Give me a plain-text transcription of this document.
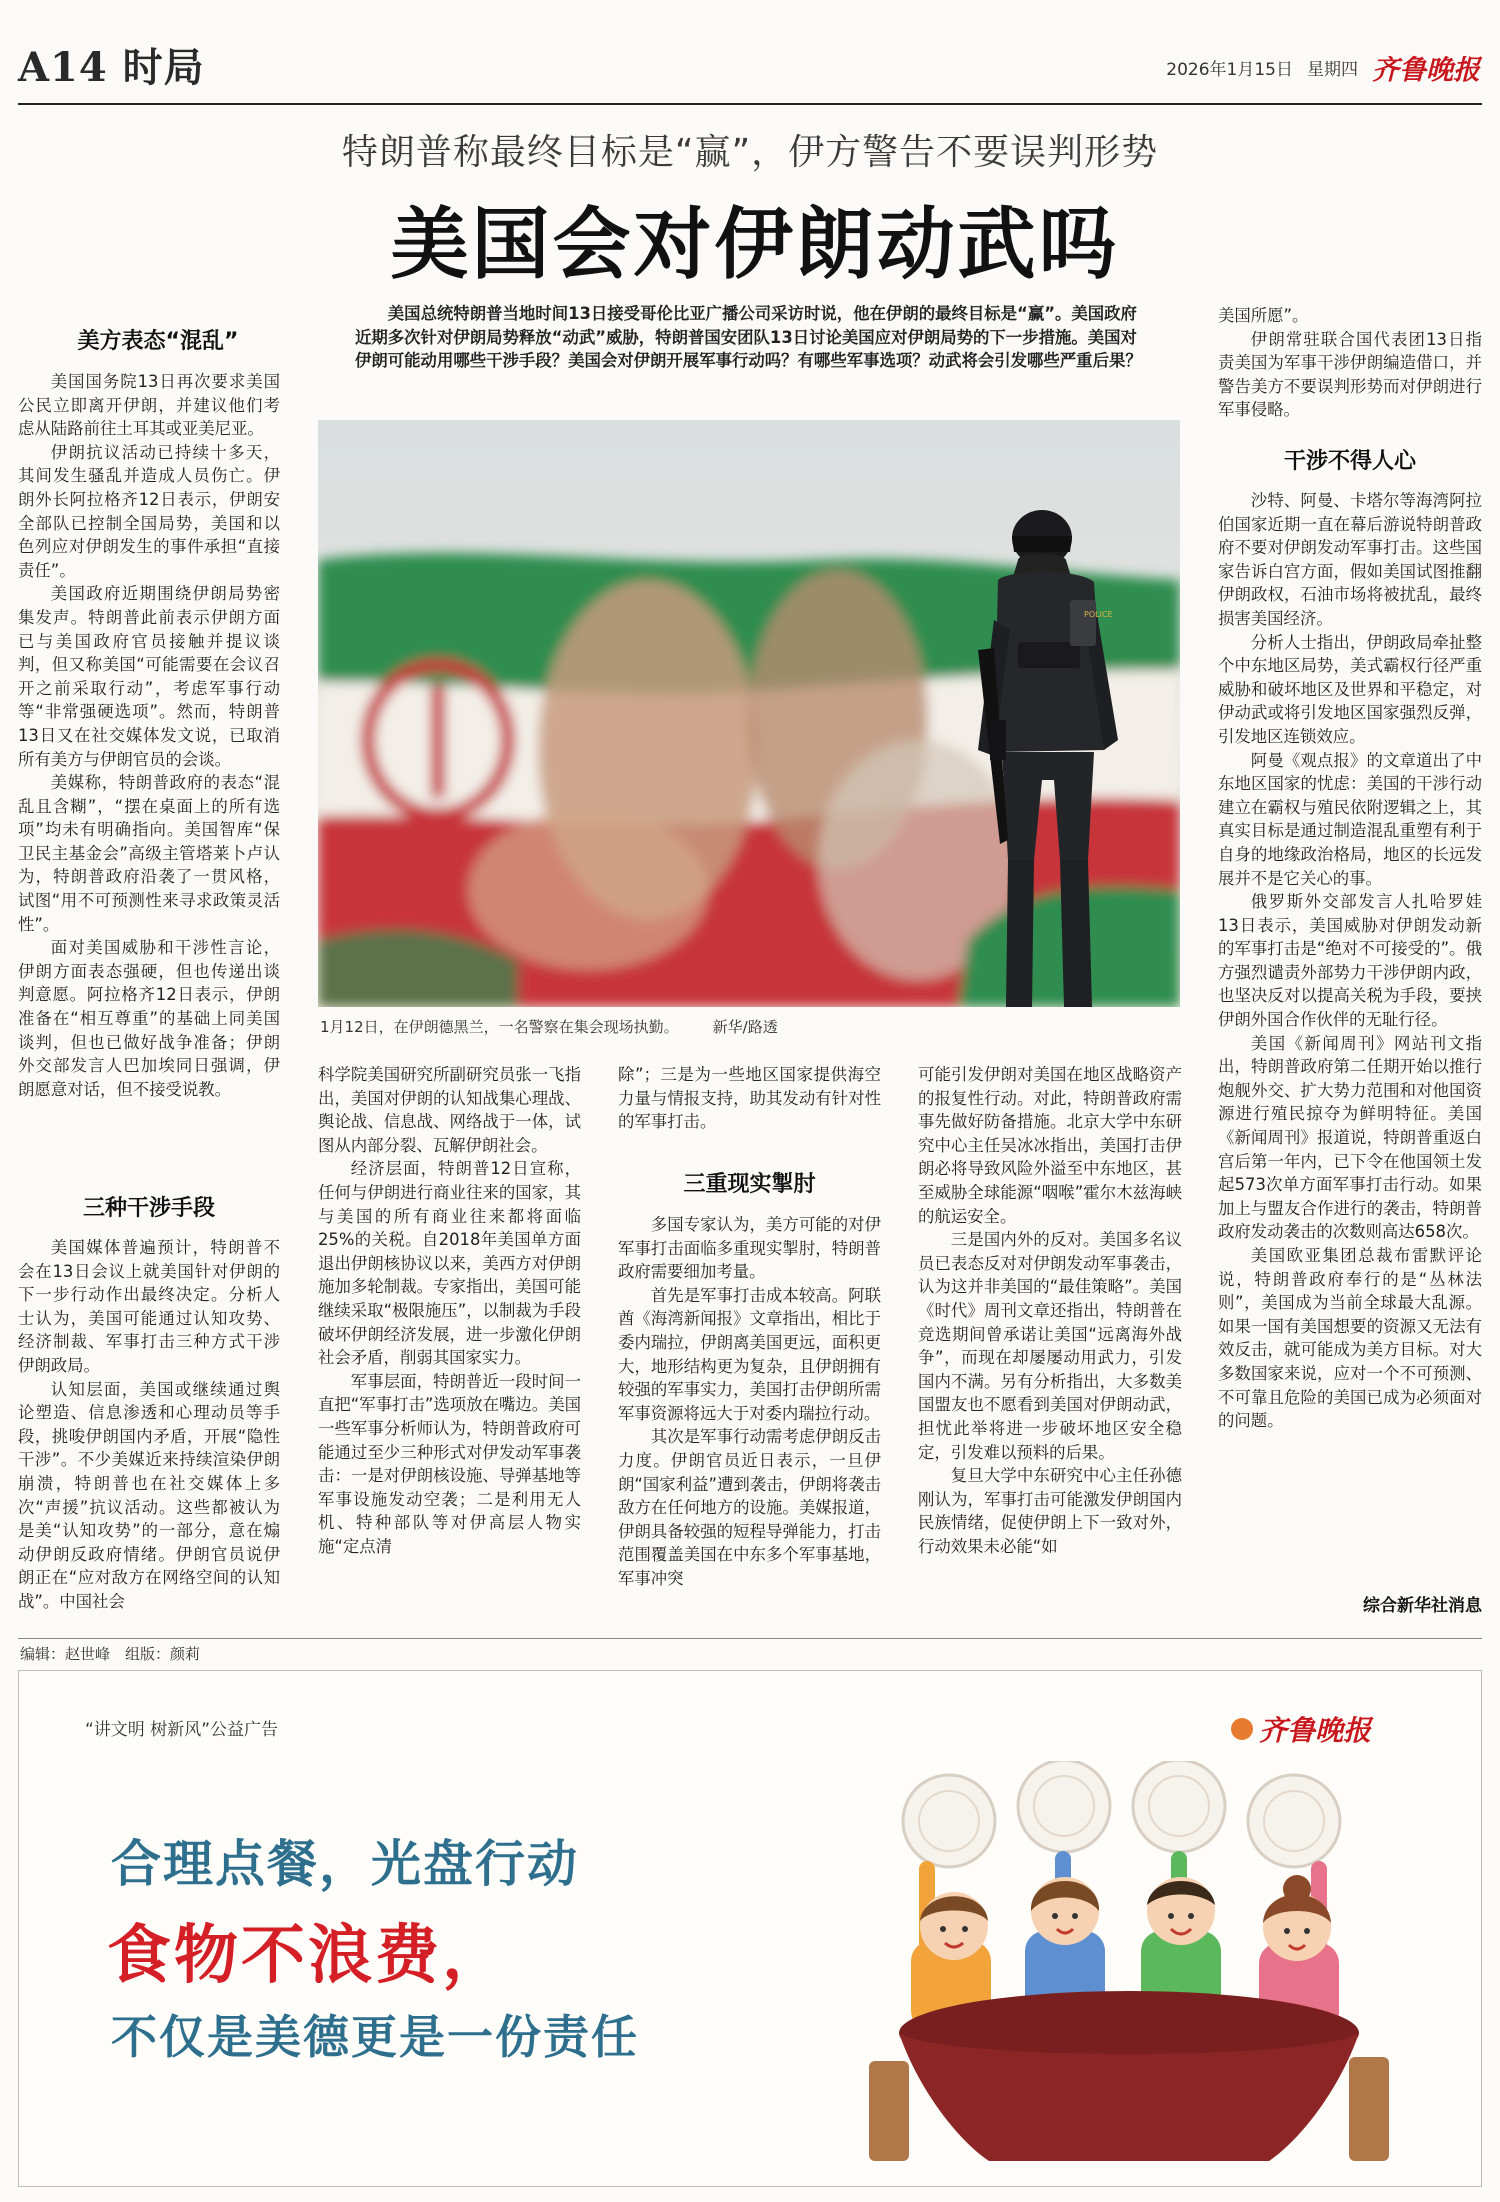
A14 时局	2026年1月15日 星期四 齐鲁晚报
特朗普称最终目标是“赢”，伊方警告不要误判形势
美国会对伊朗动武吗
美国总统特朗普当地时间13日接受哥伦比亚广播公司采访时说，他在伊朗的最终目标是“赢”。美国政府近期多次针对伊朗局势释放“动武”威胁，特朗普国安团队13日讨论美国应对伊朗局势的下一步措施。美国对伊朗可能动用哪些干涉手段？美国会对伊朗开展军事行动吗？有哪些军事选项？动武将会引发哪些严重后果？
美方表态“混乱”

美国国务院13日再次要求美国公民立即离开伊朗，并建议他们考虑从陆路前往土耳其或亚美尼亚。

伊朗抗议活动已持续十多天，其间发生骚乱并造成人员伤亡。伊朗外长阿拉格齐12日表示，伊朗安全部队已控制全国局势，美国和以色列应对伊朗发生的事件承担“直接责任”。

美国政府近期围绕伊朗局势密集发声。特朗普此前表示伊朗方面已与美国政府官员接触并提议谈判，但又称美国“可能需要在会议召开之前采取行动”，考虑军事行动等“非常强硬选项”。然而，特朗普13日又在社交媒体发文说，已取消所有美方与伊朗官员的会谈。

美媒称，特朗普政府的表态“混乱且含糊”，“摆在桌面上的所有选项”均未有明确指向。美国智库“保卫民主基金会”高级主管塔莱卜卢认为，特朗普政府沿袭了一贯风格，试图“用不可预测性来寻求政策灵活性”。

面对美国威胁和干涉性言论，伊朗方面表态强硬，但也传递出谈判意愿。阿拉格齐12日表示，伊朗准备在“相互尊重”的基础上同美国谈判，但也已做好战争准备；伊朗外交部发言人巴加埃同日强调，伊朗愿意对话，但不接受说教。

三种干涉手段

美国媒体普遍预计，特朗普不会在13日会议上就美国针对伊朗的下一步行动作出最终决定。分析人士认为，美国可能通过认知攻势、经济制裁、军事打击三种方式干涉伊朗政局。

认知层面，美国或继续通过舆论塑造、信息渗透和心理动员等手段，挑唆伊朗国内矛盾，开展“隐性干涉”。不少美媒近来持续渲染伊朗崩溃，特朗普也在社交媒体上多次“声援”抗议活动。这些都被认为是美“认知攻势”的一部分，意在煽动伊朗反政府情绪。伊朗官员说伊朗正在“应对敌方在网络空间的认知战”。中国社会

POLICE
1月12日，在伊朗德黑兰，一名警察在集会现场执勤。 新华/路透

科学院美国研究所副研究员张一飞指出，美国对伊朗的认知战集心理战、舆论战、信息战、网络战于一体，试图从内部分裂、瓦解伊朗社会。

经济层面，特朗普12日宣称，任何与伊朗进行商业往来的国家，其与美国的所有商业往来都将面临25%的关税。自2018年美国单方面退出伊朗核协议以来，美西方对伊朗施加多轮制裁。专家指出，美国可能继续采取“极限施压”，以制裁为手段破坏伊朗经济发展，进一步激化伊朗社会矛盾，削弱其国家实力。

军事层面，特朗普近一段时间一直把“军事打击”选项放在嘴边。美国一些军事分析师认为，特朗普政府可能通过至少三种形式对伊发动军事袭击：一是对伊朗核设施、导弹基地等军事设施发动空袭；二是利用无人机、特种部队等对伊高层人物实施“定点清

除”；三是为一些地区国家提供海空力量与情报支持，助其发动有针对性的军事打击。

三重现实掣肘

多国专家认为，美方可能的对伊军事打击面临多重现实掣肘，特朗普政府需要细加考量。

首先是军事打击成本较高。阿联酋《海湾新闻报》文章指出，相比于委内瑞拉，伊朗离美国更远，面积更大，地形结构更为复杂，且伊朗拥有较强的军事实力，美国打击伊朗所需军事资源将远大于对委内瑞拉行动。

其次是军事行动需考虑伊朗反击力度。伊朗官员近日表示，一旦伊朗“国家利益”遭到袭击，伊朗将袭击敌方在任何地方的设施。美媒报道，伊朗具备较强的短程导弹能力，打击范围覆盖美国在中东多个军事基地，军事冲突

可能引发伊朗对美国在地区战略资产的报复性行动。对此，特朗普政府需事先做好防备措施。北京大学中东研究中心主任吴冰冰指出，美国打击伊朗必将导致风险外溢至中东地区，甚至威胁全球能源“咽喉”霍尔木兹海峡的航运安全。

三是国内外的反对。美国多名议员已表态反对对伊朗发动军事袭击，认为这并非美国的“最佳策略”。美国《时代》周刊文章还指出，特朗普在竞选期间曾承诺让美国“远离海外战争”，而现在却屡屡动用武力，引发国内不满。另有分析指出，大多数美国盟友也不愿看到美国对伊朗动武，担忧此举将进一步破坏地区安全稳定，引发难以预料的后果。

复旦大学中东研究中心主任孙德刚认为，军事打击可能激发伊朗国内民族情绪，促使伊朗上下一致对外，行动效果未必能“如

美国所愿”。

伊朗常驻联合国代表团13日指责美国为军事干涉伊朗编造借口，并警告美方不要误判形势而对伊朗进行军事侵略。

干涉不得人心

沙特、阿曼、卡塔尔等海湾阿拉伯国家近期一直在幕后游说特朗普政府不要对伊朗发动军事打击。这些国家告诉白宫方面，假如美国试图推翻伊朗政权，石油市场将被扰乱，最终损害美国经济。

分析人士指出，伊朗政局牵扯整个中东地区局势，美式霸权行径严重威胁和破坏地区及世界和平稳定，对伊动武或将引发地区国家强烈反弹，引发地区连锁效应。

阿曼《观点报》的文章道出了中东地区国家的忧虑：美国的干涉行动建立在霸权与殖民依附逻辑之上，其真实目标是通过制造混乱重塑有利于自身的地缘政治格局，地区的长远发展并不是它关心的事。

俄罗斯外交部发言人扎哈罗娃13日表示，美国威胁对伊朗发动新的军事打击是“绝对不可接受的”。俄方强烈谴责外部势力干涉伊朗内政，也坚决反对以提高关税为手段，要挟伊朗外国合作伙伴的无耻行径。

美国《新闻周刊》网站刊文指出，特朗普政府第二任期开始以推行炮舰外交、扩大势力范围和对他国资源进行殖民掠夺为鲜明特征。美国《新闻周刊》报道说，特朗普重返白宫后第一年内，已下令在他国领土发起573次单方面军事打击行动。如果加上与盟友合作进行的袭击，特朗普政府发动袭击的次数则高达658次。

美国欧亚集团总裁布雷默评论说，特朗普政府奉行的是“丛林法则”，美国成为当前全球最大乱源。如果一国有美国想要的资源又无法有效反击，就可能成为美方目标。对大多数国家来说，应对一个不可预测、不可靠且危险的美国已成为必须面对的问题。

综合新华社消息
编辑：赵世峰　组版：颜莉
“讲文明 树新风”公益广告	齐鲁晚报
合理点餐，光盘行动
食物不浪费，
不仅是美德更是一份责任
